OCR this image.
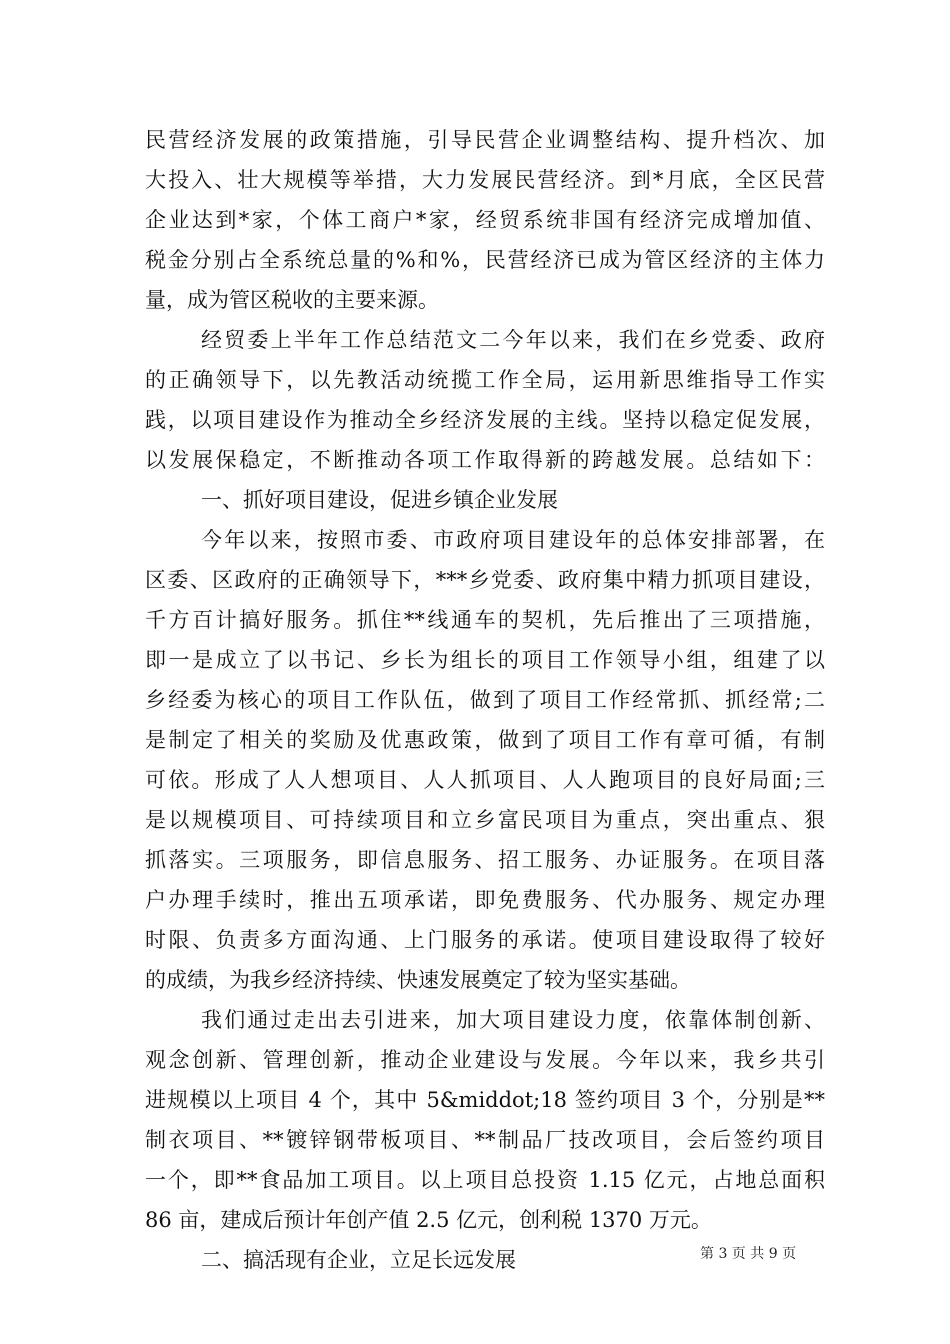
民营经济发展的政策措施，引导民营企业调整结构、提升档次、加
大投入、壮大规模等举措，大力发展民营经济。到*月底，全区民营
企业达到*家，个体工商户*家，经贸系统非国有经济完成增加值、
税金分别占全系统总量的%和%，民营经济已成为管区经济的主体力
量，成为管区税收的主要来源。
经贸委上半年工作总结范文二今年以来，我们在乡党委、政府
的正确领导下，以先教活动统揽工作全局，运用新思维指导工作实
践，以项目建设作为推动全乡经济发展的主线。坚持以稳定促发展，
以发展保稳定，不断推动各项工作取得新的跨越发展。总结如下：
一、抓好项目建设，促进乡镇企业发展
今年以来，按照市委、市政府项目建设年的总体安排部署，在
区委、区政府的正确领导下，***乡党委、政府集中精力抓项目建设，
千方百计搞好服务。抓住**线通车的契机，先后推出了三项措施，
即一是成立了以书记、乡长为组长的项目工作领导小组，组建了以
乡经委为核心的项目工作队伍，做到了项目工作经常抓、抓经常;二
是制定了相关的奖励及优惠政策，做到了项目工作有章可循，有制
可依。形成了人人想项目、人人抓项目、人人跑项目的良好局面;三
是以规模项目、可持续项目和立乡富民项目为重点，突出重点、狠
抓落实。三项服务，即信息服务、招工服务、办证服务。在项目落
户办理手续时，推出五项承诺，即免费服务、代办服务、规定办理
时限、负责多方面沟通、上门服务的承诺。使项目建设取得了较好
的成绩，为我乡经济持续、快速发展奠定了较为坚实基础。
我们通过走出去引进来，加大项目建设力度，依靠体制创新、
观念创新、管理创新，推动企业建设与发展。今年以来，我乡共引
进规模以上项目 4 个，其中 5&middot;18 签约项目 3 个，分别是**
制衣项目、**镀锌钢带板项目、**制品厂技改项目，会后签约项目
一个，即**食品加工项目。以上项目总投资 1.15 亿元，占地总面积
86 亩，建成后预计年创产值 2.5 亿元，创利税 1370 万元。
二、搞活现有企业，立足长远发展	第 3 页 共 9 页
